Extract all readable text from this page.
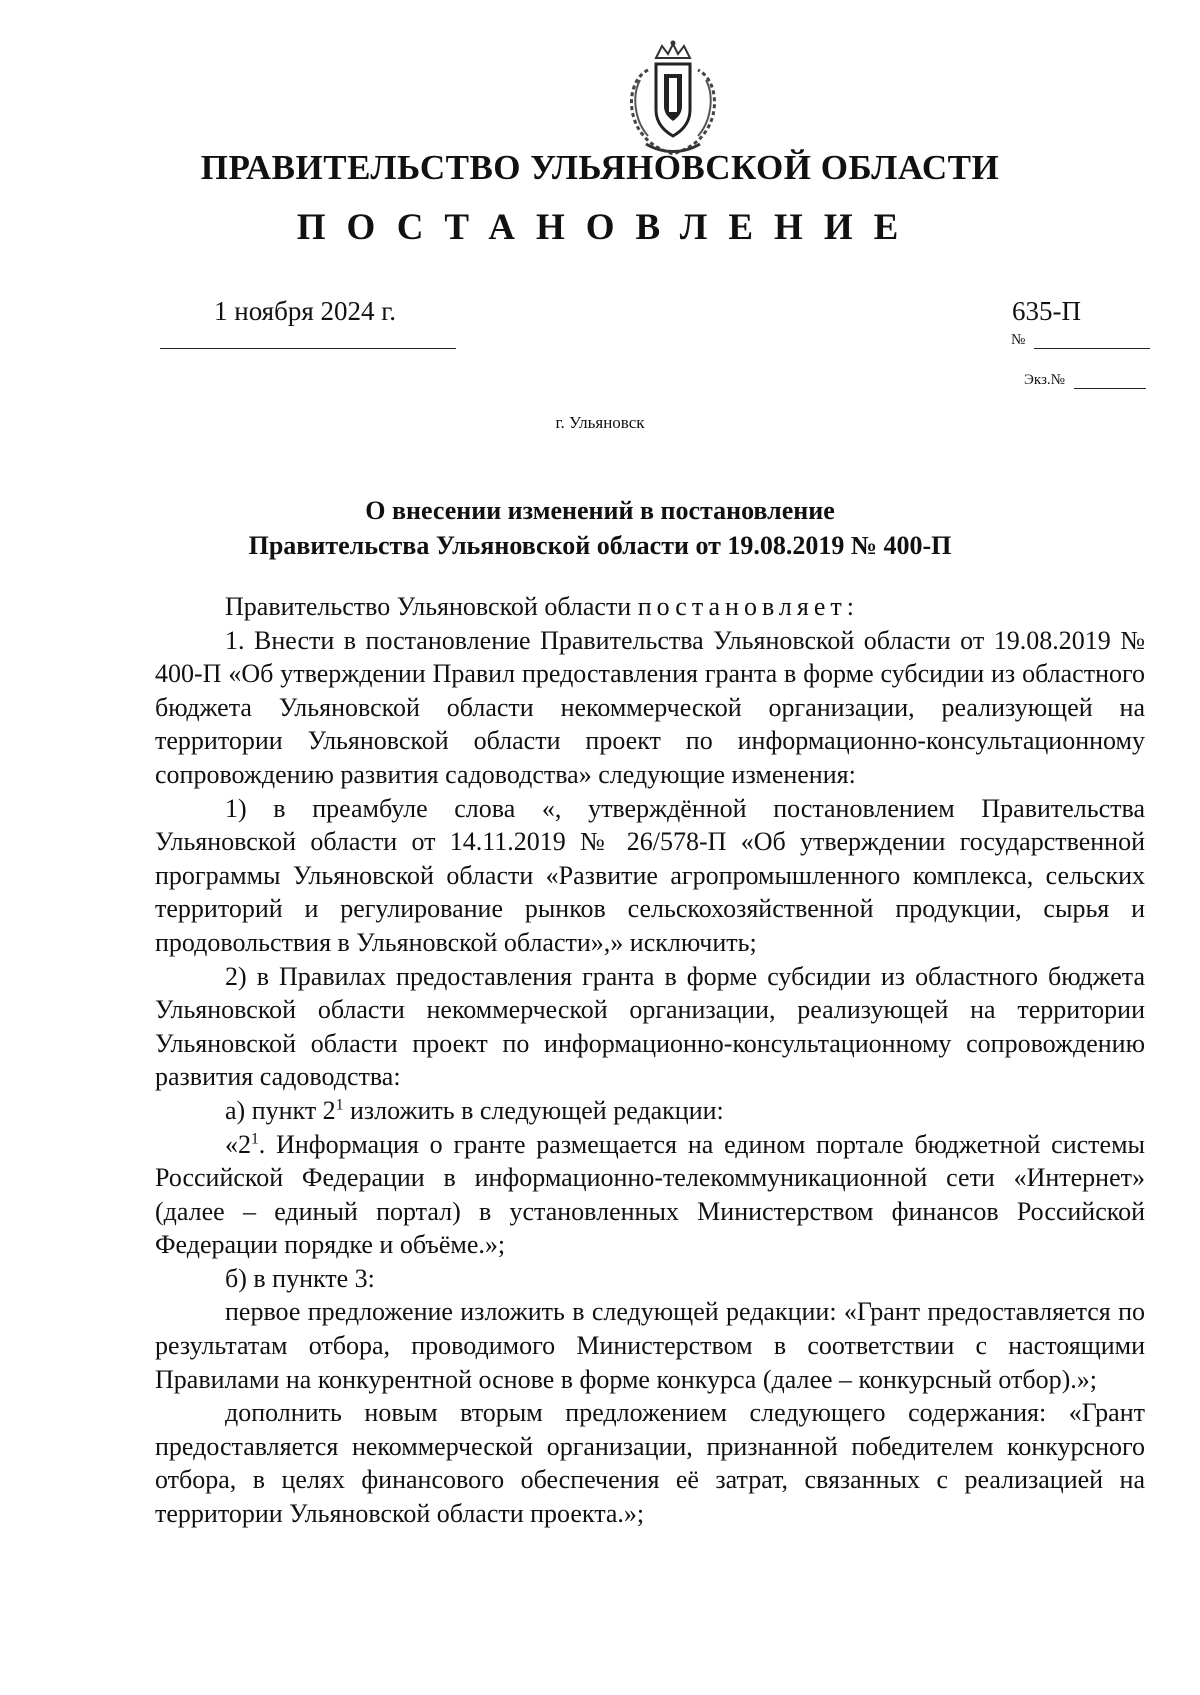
ПРАВИТЕЛЬСТВО УЛЬЯНОВСКОЙ ОБЛАСТИ
ПОСТАНОВЛЕНИЕ
1 ноября 2024 г.	635-П
№
Экз.№
г. Ульяновск
О внесении изменений в постановление
Правительства Ульяновской области от 19.08.2019 № 400-П

Правительство Ульяновской области постановляет:

1. Внести в постановление Правительства Ульяновской области от 19.08.2019 № 400-П «Об утверждении Правил предоставления гранта в форме субсидии из областного бюджета Ульяновской области некоммерческой организации, реализующей на территории Ульяновской области проект по информационно-консультационному сопровождению развития садоводства» следующие изменения:

1) в преамбуле слова «, утверждённой постановлением Правительства Ульяновской области от 14.11.2019 № 26/578-П «Об утверждении государственной программы Ульяновской области «Развитие агропромышленного комплекса, сельских территорий и регулирование рынков сельскохозяйственной продукции, сырья и продовольствия в Ульяновской области»,» исключить;

2) в Правилах предоставления гранта в форме субсидии из областного бюджета Ульяновской области некоммерческой организации, реализующей на территории Ульяновской области проект по информационно-консультационному сопровождению развития садоводства:

а) пункт $2^1$ изложить в следующей редакции:

«$2^1$. Информация о гранте размещается на едином портале бюджетной системы Российской Федерации в информационно-телекоммуникационной сети «Интернет» (далее – единый портал) в установленных Министерством финансов Российской Федерации порядке и объёме.»;

б) в пункте 3:

первое предложение изложить в следующей редакции: «Грант предоставляется по результатам отбора, проводимого Министерством в соответствии с настоящими Правилами на конкурентной основе в форме конкурса (далее – конкурсный отбор).»;

дополнить новым вторым предложением следующего содержания: «Грант предоставляется некоммерческой организации, признанной победителем конкурсного отбора, в целях финансового обеспечения её затрат, связанных с реализацией на территории Ульяновской области проекта.»;
